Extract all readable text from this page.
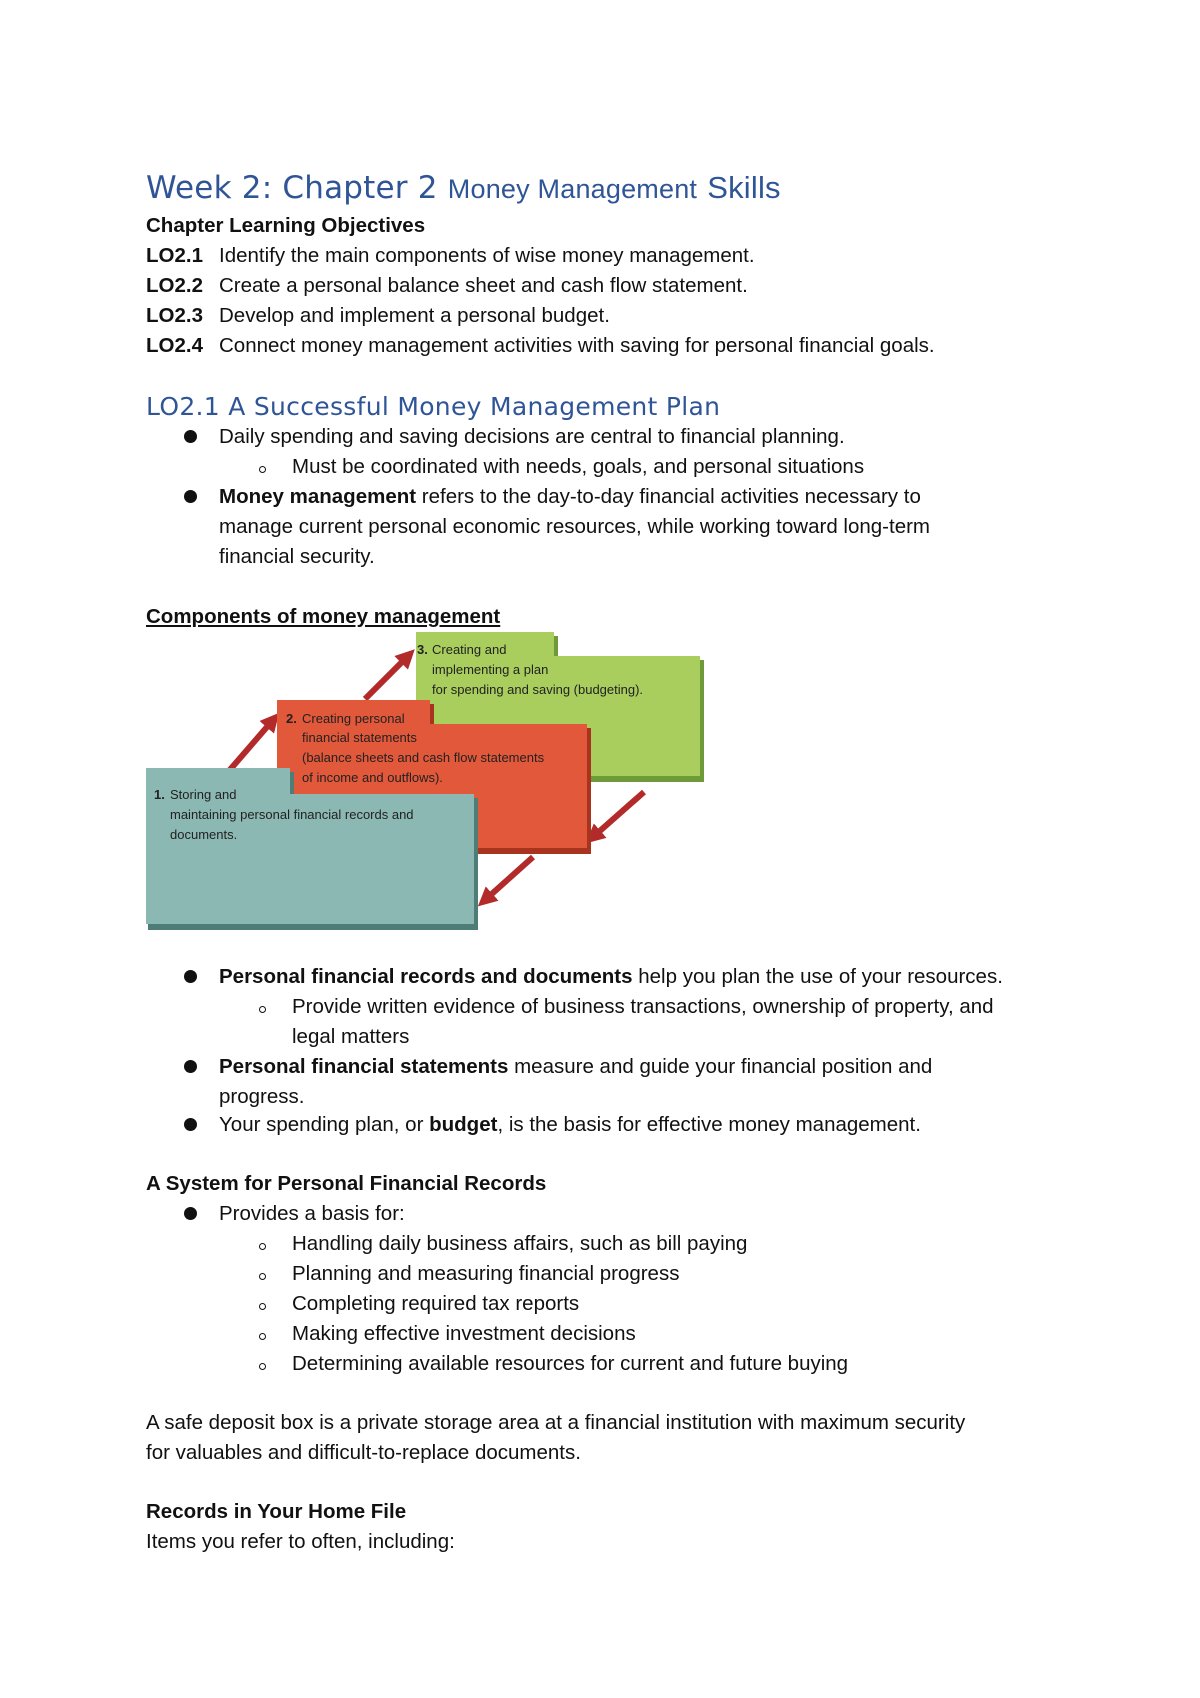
Week 2: Chapter 2 Money Management Skills
Chapter Learning Objectives
LO2.1 Identify the main components of wise money management.
LO2.2 Create a personal balance sheet and cash flow statement.
LO2.3 Develop and implement a personal budget.
LO2.4 Connect money management activities with saving for personal financial goals.
LO2.1 A Successful Money Management Plan
Daily spending and saving decisions are central to financial planning.
Must be coordinated with needs, goals, and personal situations
Money management refers to the day-to-day financial activities necessary to
manage current personal economic resources, while working toward long-term
financial security.
Components of money management
3. Creating and
implementing a plan
for spending and saving (budgeting).
2. Creating personal
financial statements
(balance sheets and cash flow statements
of income and outflows).
1. Storing and
maintaining personal financial records and
documents.
Personal financial records and documents help you plan the use of your resources.
Provide written evidence of business transactions, ownership of property, and
legal matters
Personal financial statements measure and guide your financial position and
progress.
Your spending plan, or budget, is the basis for effective money management.
A System for Personal Financial Records
Provides a basis for:
Handling daily business affairs, such as bill paying
Planning and measuring financial progress
Completing required tax reports
Making effective investment decisions
Determining available resources for current and future buying
A safe deposit box is a private storage area at a financial institution with maximum security
for valuables and difficult-to-replace documents.
Records in Your Home File
Items you refer to often, including:
